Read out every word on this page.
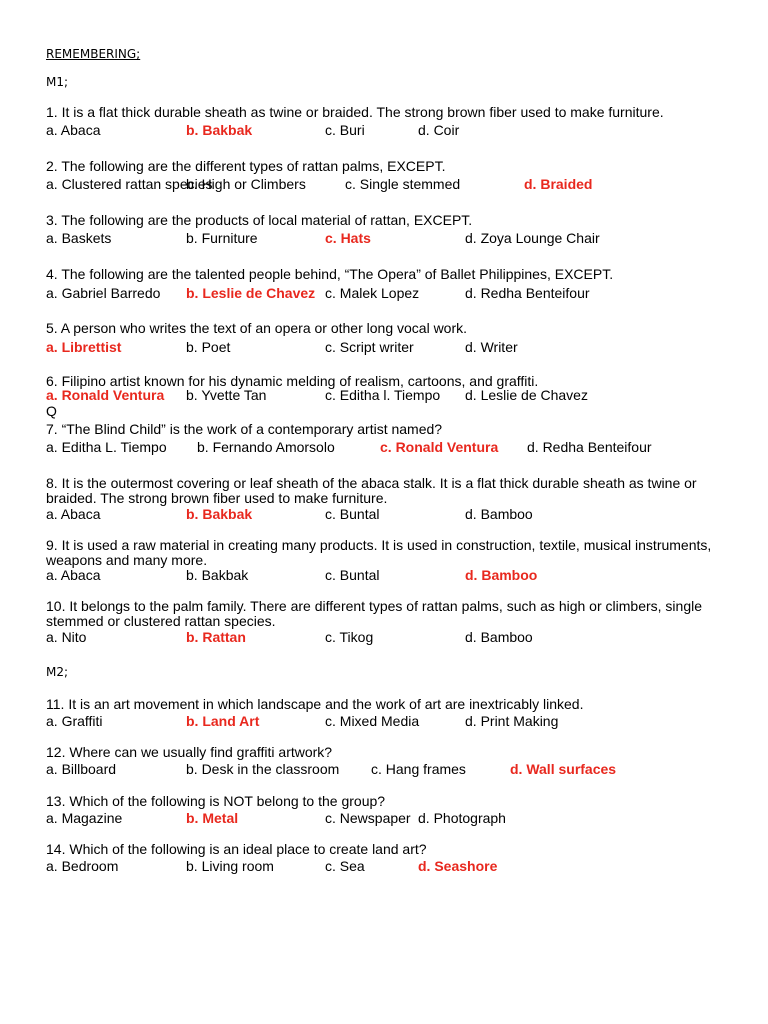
REMEMBERING;
M1;
M2;
Q
1. It is a flat thick durable sheath as twine or braided. The strong brown fiber used to make furniture.
a. Abaca	b. Bakbak	c. Buri	d. Coir
2. The following are the different types of rattan palms, EXCEPT.
a. Clustered rattan species
b. High or Climbers	c. Single stemmed	d. Braided
3. The following are the products of local material of rattan, EXCEPT.
a. Baskets	b. Furniture	c. Hats	d. Zoya Lounge Chair
4. The following are the talented people behind, “The Opera” of Ballet Philippines, EXCEPT.
a. Gabriel Barredo b. Leslie de Chavez c. Malek Lopez	d. Redha Benteifour
5. A person who writes the text of an opera or other long vocal work.
a. Librettist	b. Poet	c. Script writer	d. Writer
6. Filipino artist known for his dynamic melding of realism, cartoons, and graffiti.
a. Ronald Ventura b. Yvette Tan	c. Editha l. Tiempo d. Leslie de Chavez
7. “The Blind Child” is the work of a contemporary artist named?
a. Editha L. Tiempo b. Fernando Amorsolo	c. Ronald Ventura d. Redha Benteifour
8. It is the outermost covering or leaf sheath of the abaca stalk. It is a flat thick durable sheath as twine or
braided. The strong brown fiber used to make furniture.
a. Abaca	b. Bakbak	c. Buntal	d. Bamboo
9. It is used a raw material in creating many products. It is used in construction, textile, musical instruments,
weapons and many more.
a. Abaca	b. Bakbak	c. Buntal	d. Bamboo
10. It belongs to the palm family. There are different types of rattan palms, such as high or climbers, single
stemmed or clustered rattan species.
a. Nito	b. Rattan	c. Tikog	d. Bamboo
11. It is an art movement in which landscape and the work of art are inextricably linked.
a. Graffiti	b. Land Art	c. Mixed Media	d. Print Making
12. Where can we usually find graffiti artwork?
a. Billboard	b. Desk in the classroom c. Hang frames	d. Wall surfaces
13. Which of the following is NOT belong to the group?
a. Magazine	b. Metal	c. Newspaper d. Photograph
14. Which of the following is an ideal place to create land art?
a. Bedroom	b. Living room	c. Sea	d. Seashore
